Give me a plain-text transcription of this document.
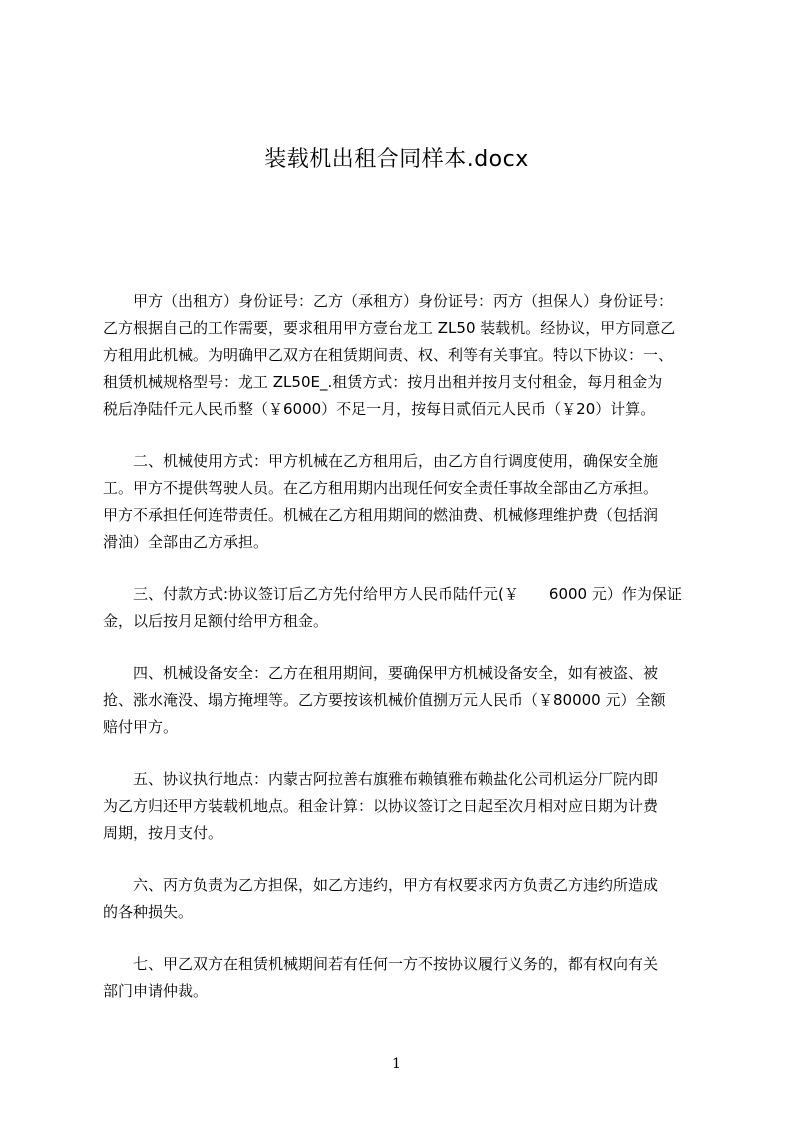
装载机出租合同样本.docx
　　甲方（出租方）身份证号：乙方（承租方）身份证号：丙方（担保人）身份证号：
乙方根据自己的工作需要，要求租用甲方壹台龙工 ZL50 装载机。经协议，甲方同意乙
方租用此机械。为明确甲乙双方在租赁期间责、权、利等有关事宜。特以下协议：一、
租赁机械规格型号：龙工 ZL50E_.租赁方式：按月出租并按月支付租金，每月租金为
税后净陆仟元人民币整（￥6000）不足一月，按每日贰佰元人民币（￥20）计算。
　　二、机械使用方式：甲方机械在乙方租用后，由乙方自行调度使用，确保安全施
工。甲方不提供驾驶人员。在乙方租用期内出现任何安全责任事故全部由乙方承担。
甲方不承担任何连带责任。机械在乙方租用期间的燃油费、机械修理维护费（包括润
滑油）全部由乙方承担。
　　三、付款方式:协议签订后乙方先付给甲方人民币陆仟元(￥　　6000 元）作为保证
金，以后按月足额付给甲方租金。
　　四、机械设备安全：乙方在租用期间，要确保甲方机械设备安全，如有被盗、被
抢、涨水淹没、塌方掩埋等。乙方要按该机械价值捌万元人民币（￥80000 元）全额
赔付甲方。
　　五、协议执行地点：内蒙古阿拉善右旗雅布赖镇雅布赖盐化公司机运分厂院内即
为乙方归还甲方装载机地点。租金计算：以协议签订之日起至次月相对应日期为计费
周期，按月支付。
　　六、丙方负责为乙方担保，如乙方违约，甲方有权要求丙方负责乙方违约所造成
的各种损失。
　　七、甲乙双方在租赁机械期间若有任何一方不按协议履行义务的，都有权向有关
部门申请仲裁。
1
